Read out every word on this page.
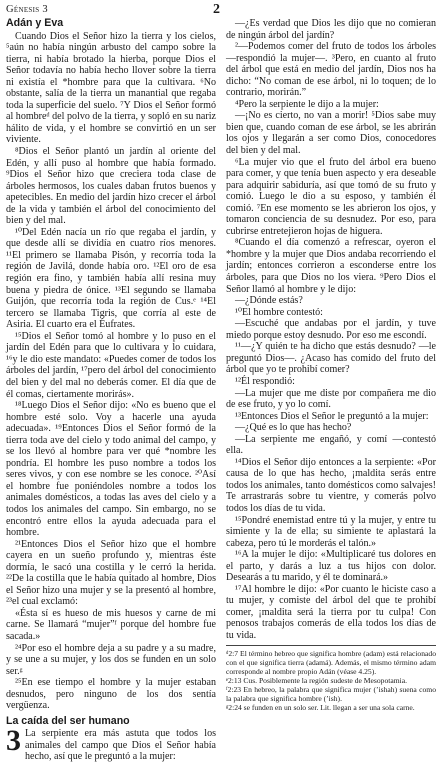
Génesis 3	2
Adán y Eva

Cuando Dios el Señor hizo la tierra y los cielos, ⁵aún no había ningún arbusto del campo sobre la tierra, ni había brotado la hierba, porque Dios el Señor todavía no había hecho llover sobre la tierra ni existía el *hombre para que la cultivara. ⁶No obstante, salía de la tierra un manantial que regaba toda la superficie del suelo. ⁷Y Dios el Señor formó al hombreᵈ del polvo de la tierra, y sopló en su nariz hálito de vida, y el hombre se convirtió en un ser viviente.

⁸Dios el Señor plantó un jardín al oriente del Edén, y allí puso al hombre que había formado. ⁹Dios el Señor hizo que creciera toda clase de árboles hermosos, los cuales daban frutos buenos y apetecibles. En medio del jardín hizo crecer el árbol de la vida y también el árbol del conocimiento del bien y del mal.

¹⁰Del Edén nacía un río que regaba el jardín, y que desde allí se dividía en cuatro ríos menores. ¹¹El primero se llamaba Pisón, y recorría toda la región de Javilá, donde había oro. ¹²El oro de esa región era fino, y también había allí resina muy buena y piedra de ónice. ¹³El segundo se llamaba Guijón, que recorría toda la región de Cus.ᵉ ¹⁴El tercero se llamaba Tigris, que corría al este de Asiria. El cuarto era el Éufrates.

¹⁵Dios el Señor tomó al hombre y lo puso en el jardín del Edén para que lo cultivara y lo cuidara, ¹⁶y le dio este mandato: «Puedes comer de todos los árboles del jardín, ¹⁷pero del árbol del conocimiento del bien y del mal no deberás comer. El día que de él comas, ciertamente morirás».

¹⁸Luego Dios el Señor dijo: «No es bueno que el hombre esté solo. Voy a hacerle una ayuda adecuada». ¹⁹Entonces Dios el Señor formó de la tierra toda ave del cielo y todo animal del campo, y se los llevó al hombre para ver qué *nombre les pondría. El hombre les puso nombre a todos los seres vivos, y con ese nombre se les conoce. ²⁰Así el hombre fue poniéndoles nombre a todos los animales domésticos, a todas las aves del cielo y a todos los animales del campo. Sin embargo, no se encontró entre ellos la ayuda adecuada para el hombre.

²¹Entonces Dios el Señor hizo que el hombre cayera en un sueño profundo y, mientras éste dormía, le sacó una costilla y le cerró la herida. ²²De la costilla que le había quitado al hombre, Dios el Señor hizo una mujer y se la presentó al hombre, ²³el cual exclamó:

«Ésta sí es hueso de mis huesos y carne de mi carne. Se llamará “mujer”ᶠ porque del hombre fue sacada.»

²⁴Por eso el hombre deja a su padre y a su madre, y se une a su mujer, y los dos se funden en un solo ser.ᵍ

²⁵En ese tiempo el hombre y la mujer estaban desnudos, pero ninguno de los dos sentía vergüenza.

La caída del ser humano

3 La serpiente era más astuta que todos los animales del campo que Dios el Señor había hecho, así que le preguntó a la mujer:

—¿Es verdad que Dios les dijo que no comieran de ningún árbol del jardín?

²—Podemos comer del fruto de todos los árboles —respondió la mujer—. ³Pero, en cuanto al fruto del árbol que está en medio del jardín, Dios nos ha dicho: “No coman de ese árbol, ni lo toquen; de lo contrario, morirán.”

⁴Pero la serpiente le dijo a la mujer:

—¡No es cierto, no van a morir! ⁵Dios sabe muy bien que, cuando coman de ese árbol, se les abrirán los ojos y llegarán a ser como Dios, conocedores del bien y del mal.

⁶La mujer vio que el fruto del árbol era bueno para comer, y que tenía buen aspecto y era deseable para adquirir sabiduría, así que tomó de su fruto y comió. Luego le dio a su esposo, y también él comió. ⁷En ese momento se les abrieron los ojos, y tomaron conciencia de su desnudez. Por eso, para cubrirse entretejieron hojas de higuera.

⁸Cuando el día comenzó a refrescar, oyeron el *hombre y la mujer que Dios andaba recorriendo el jardín; entonces corrieron a esconderse entre los árboles, para que Dios no los viera. ⁹Pero Dios el Señor llamó al hombre y le dijo:

—¿Dónde estás?

¹⁰El hombre contestó:

—Escuché que andabas por el jardín, y tuve miedo porque estoy desnudo. Por eso me escondí.

¹¹—¿Y quién te ha dicho que estás desnudo? —le preguntó Dios—. ¿Acaso has comido del fruto del árbol que yo te prohibí comer?

¹²Él respondió:

—La mujer que me diste por compañera me dio de ese fruto, y yo lo comí.

¹³Entonces Dios el Señor le preguntó a la mujer:

—¿Qué es lo que has hecho?

—La serpiente me engañó, y comí —contestó ella.

¹⁴Dios el Señor dijo entonces a la serpiente: «Por causa de lo que has hecho, ¡maldita serás entre todos los animales, tanto domésticos como salvajes! Te arrastrarás sobre tu vientre, y comerás polvo todos los días de tu vida.

¹⁵Pondré enemistad entre tú y la mujer, y entre tu simiente y la de ella; su simiente te aplastará la cabeza, pero tú le morderás el talón.»

¹⁶A la mujer le dijo: «Multiplicaré tus dolores en el parto, y darás a luz a tus hijos con dolor. Desearás a tu marido, y él te dominará.»

¹⁷Al hombre le dijo: «Por cuanto le hiciste caso a tu mujer, y comiste del árbol del que te prohibí comer, ¡maldita será la tierra por tu culpa! Con penosos trabajos comerás de ella todos los días de tu vida.

ᵈ2:7 El término hebreo que significa hombre (adam) está relacionado con el que significa tierra (adamá). Además, el mismo término adam corresponde al nombre propio Adán (véase 4.25).

ᵉ2:13 Cus. Posiblemente la región sudeste de Mesopotamia.

ᶠ2:23 En hebreo, la palabra que significa mujer (’ishah) suena como la palabra que significa hombre (’ish).

ᵍ2:24 se funden en un solo ser. Lit. llegan a ser una sola carne.
